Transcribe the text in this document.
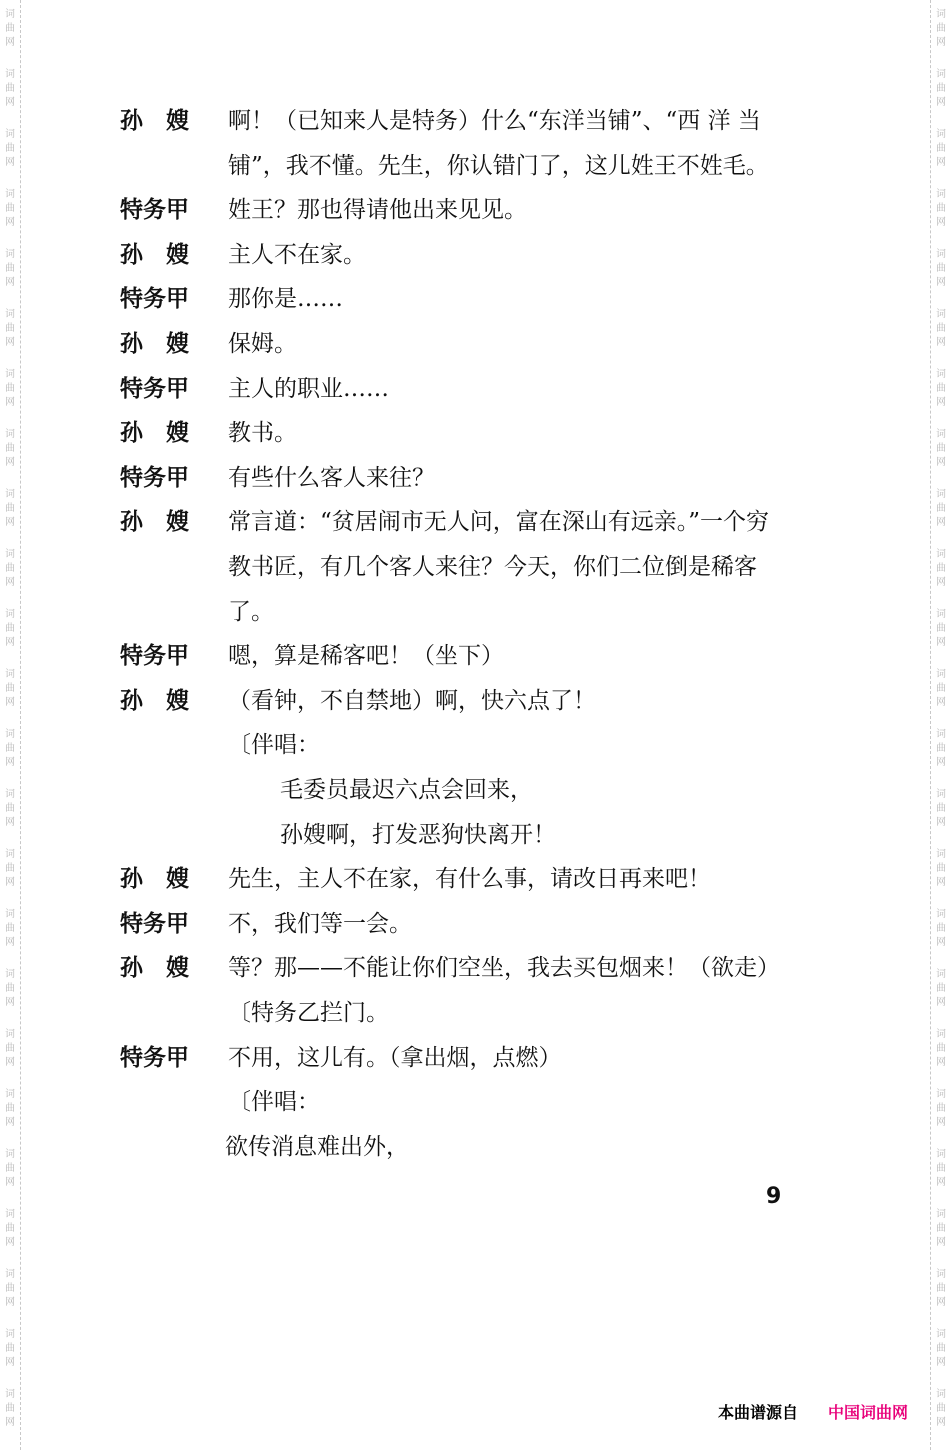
词
曲
网
词
曲
网
词
曲
网
词
曲
网
词
曲
网
词
曲
网
词
曲
网
词
曲
网
词
曲
网
词
曲
网
词
曲
网
词
曲
网
词
曲
网
词
曲
网
词
曲
网
词
曲
网
词
曲
网
词
曲
网
词
曲
网
词
曲
网
词
曲
网
词
曲
网
词
曲
网
词
曲
网
词
曲
网
词
曲
网
词
曲
网
词
曲
网
词
曲
网
词
曲
网
词
曲
网
词
曲
网
词
曲
网
词
曲
网
词
曲
网
词
曲
网
词
曲
网
词
曲
网
词
曲
网
词
曲
网
词
曲
网
词
曲
网
词
曲
网
词
曲
网
词
曲
网
词
曲
网
词
曲
网
词
曲
网
孙　嫂 啊！（已知来人是特务）什么“东洋当铺”、“西 洋 当
铺”，我不懂。先生，你认错门了，这儿姓王不姓毛。
特务甲 姓王？那也得请他出来见见。
孙　嫂 主人不在家。
特务甲 那你是……
孙　嫂 保姆。
特务甲 主人的职业……
孙　嫂 教书。
特务甲 有些什么客人来往？
孙　嫂 常言道：“贫居闹市无人问，富在深山有远亲。”一个穷
教书匠，有几个客人来往？今天，你们二位倒是稀客
了。
特务甲 嗯，算是稀客吧！（坐下）
孙　嫂 （看钟，不自禁地）啊，快六点了！
〔伴唱：
毛委员最迟六点会回来，
孙嫂啊，打发恶狗快离开！
孙　嫂 先生，主人不在家，有什么事，请改日再来吧！
特务甲 不，我们等一会。
孙　嫂 等？那——不能让你们空坐，我去买包烟来！（欲走）
〔特务乙拦门。
特务甲 不用，这儿有。（拿出烟，点燃）
〔伴唱：
欲传消息难出外，
9
本曲谱源自 中国词曲网
